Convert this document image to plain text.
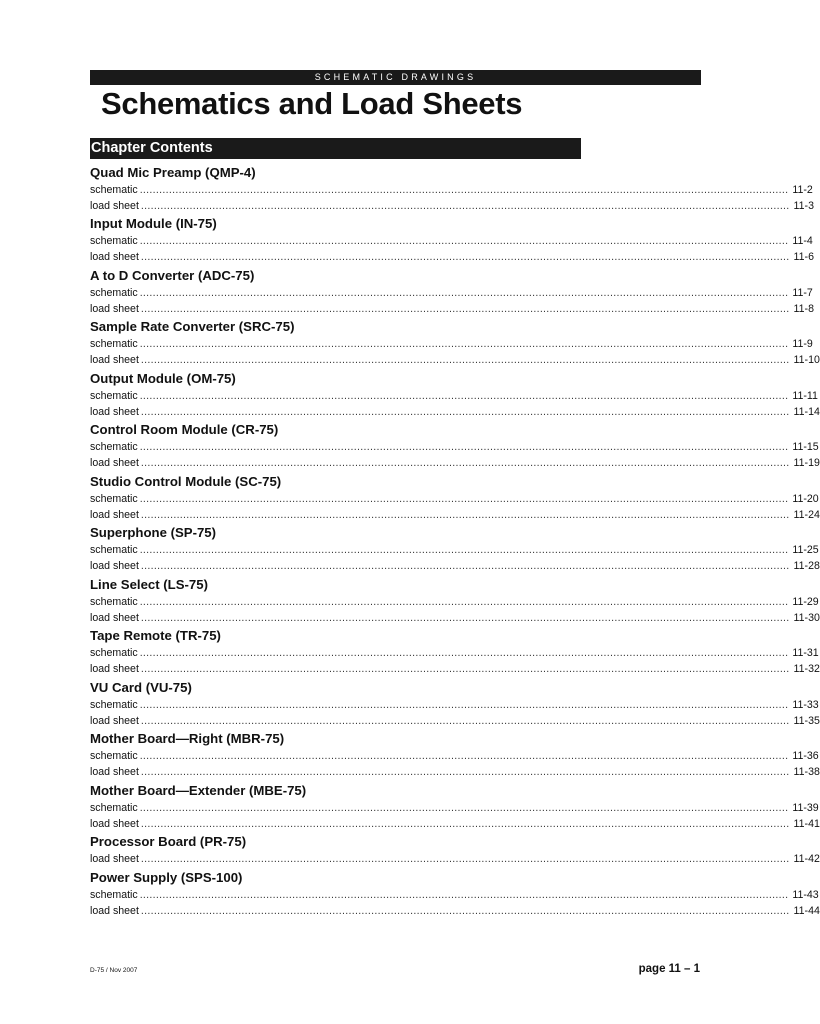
SCHEMATIC DRAWINGS
Schematics and Load Sheets
Chapter Contents
Quad Mic Preamp (QMP-4)
schematic ........................................................................................................................................................................................................ 11-2
load sheet ........................................................................................................................................................................................................ 11-3
Input Module (IN-75)
schematic ........................................................................................................................................................................................................ 11-4
load sheet ........................................................................................................................................................................................................ 11-6
A to D Converter (ADC-75)
schematic ........................................................................................................................................................................................................ 11-7
load sheet ........................................................................................................................................................................................................ 11-8
Sample Rate Converter (SRC-75)
schematic ........................................................................................................................................................................................................ 11-9
load sheet ........................................................................................................................................................................................................ 11-10
Output Module (OM-75)
schematic ........................................................................................................................................................................................................ 11-11
load sheet ........................................................................................................................................................................................................ 11-14
Control Room Module (CR-75)
schematic ........................................................................................................................................................................................................ 11-15
load sheet ........................................................................................................................................................................................................ 11-19
Studio Control Module (SC-75)
schematic ........................................................................................................................................................................................................ 11-20
load sheet ........................................................................................................................................................................................................ 11-24
Superphone (SP-75)
schematic ........................................................................................................................................................................................................ 11-25
load sheet ........................................................................................................................................................................................................ 11-28
Line Select (LS-75)
schematic ........................................................................................................................................................................................................ 11-29
load sheet ........................................................................................................................................................................................................ 11-30
Tape Remote (TR-75)
schematic ........................................................................................................................................................................................................ 11-31
load sheet ........................................................................................................................................................................................................ 11-32
VU Card (VU-75)
schematic ........................................................................................................................................................................................................ 11-33
load sheet ........................................................................................................................................................................................................ 11-35
Mother Board—Right (MBR-75)
schematic ........................................................................................................................................................................................................ 11-36
load sheet ........................................................................................................................................................................................................ 11-38
Mother Board—Extender (MBE-75)
schematic ........................................................................................................................................................................................................ 11-39
load sheet ........................................................................................................................................................................................................ 11-41
Processor Board (PR-75)
load sheet ........................................................................................................................................................................................................ 11-42
Power Supply (SPS-100)
schematic ........................................................................................................................................................................................................ 11-43
load sheet ........................................................................................................................................................................................................ 11-44
D-75 / Nov 2007	page 11 – 1
